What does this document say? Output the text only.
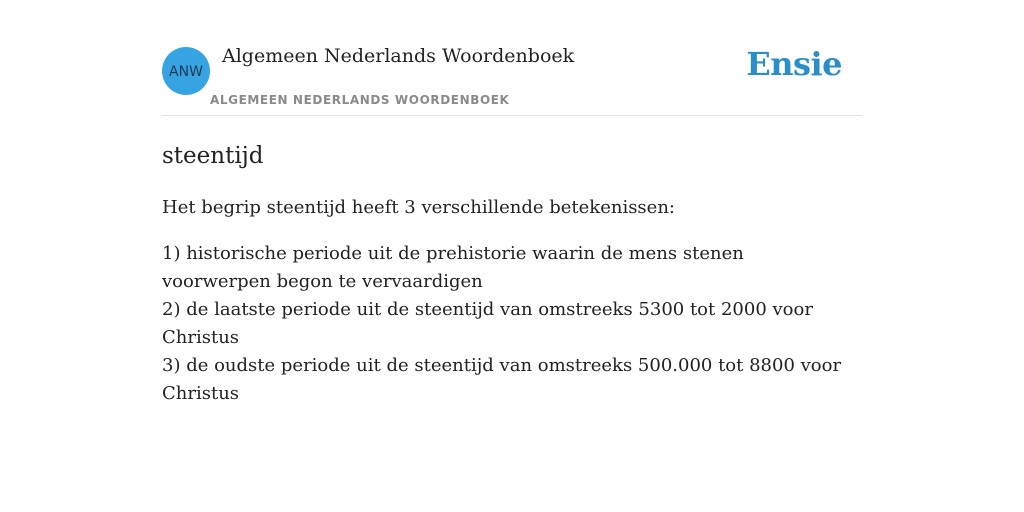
ANW
Algemeen Nederlands Woordenboek
ALGEMEEN NEDERLANDS WOORDENBOEK
Ensie
steentijd

Het begrip steentijd heeft 3 verschillende betekenissen:

1) historische periode uit de prehistorie waarin de mens stenen voorwerpen begon te vervaardigen
2) de laatste periode uit de steentijd van omstreeks 5300 tot 2000 voor Christus
3) de oudste periode uit de steentijd van omstreeks 500.000 tot 8800 voor Christus
